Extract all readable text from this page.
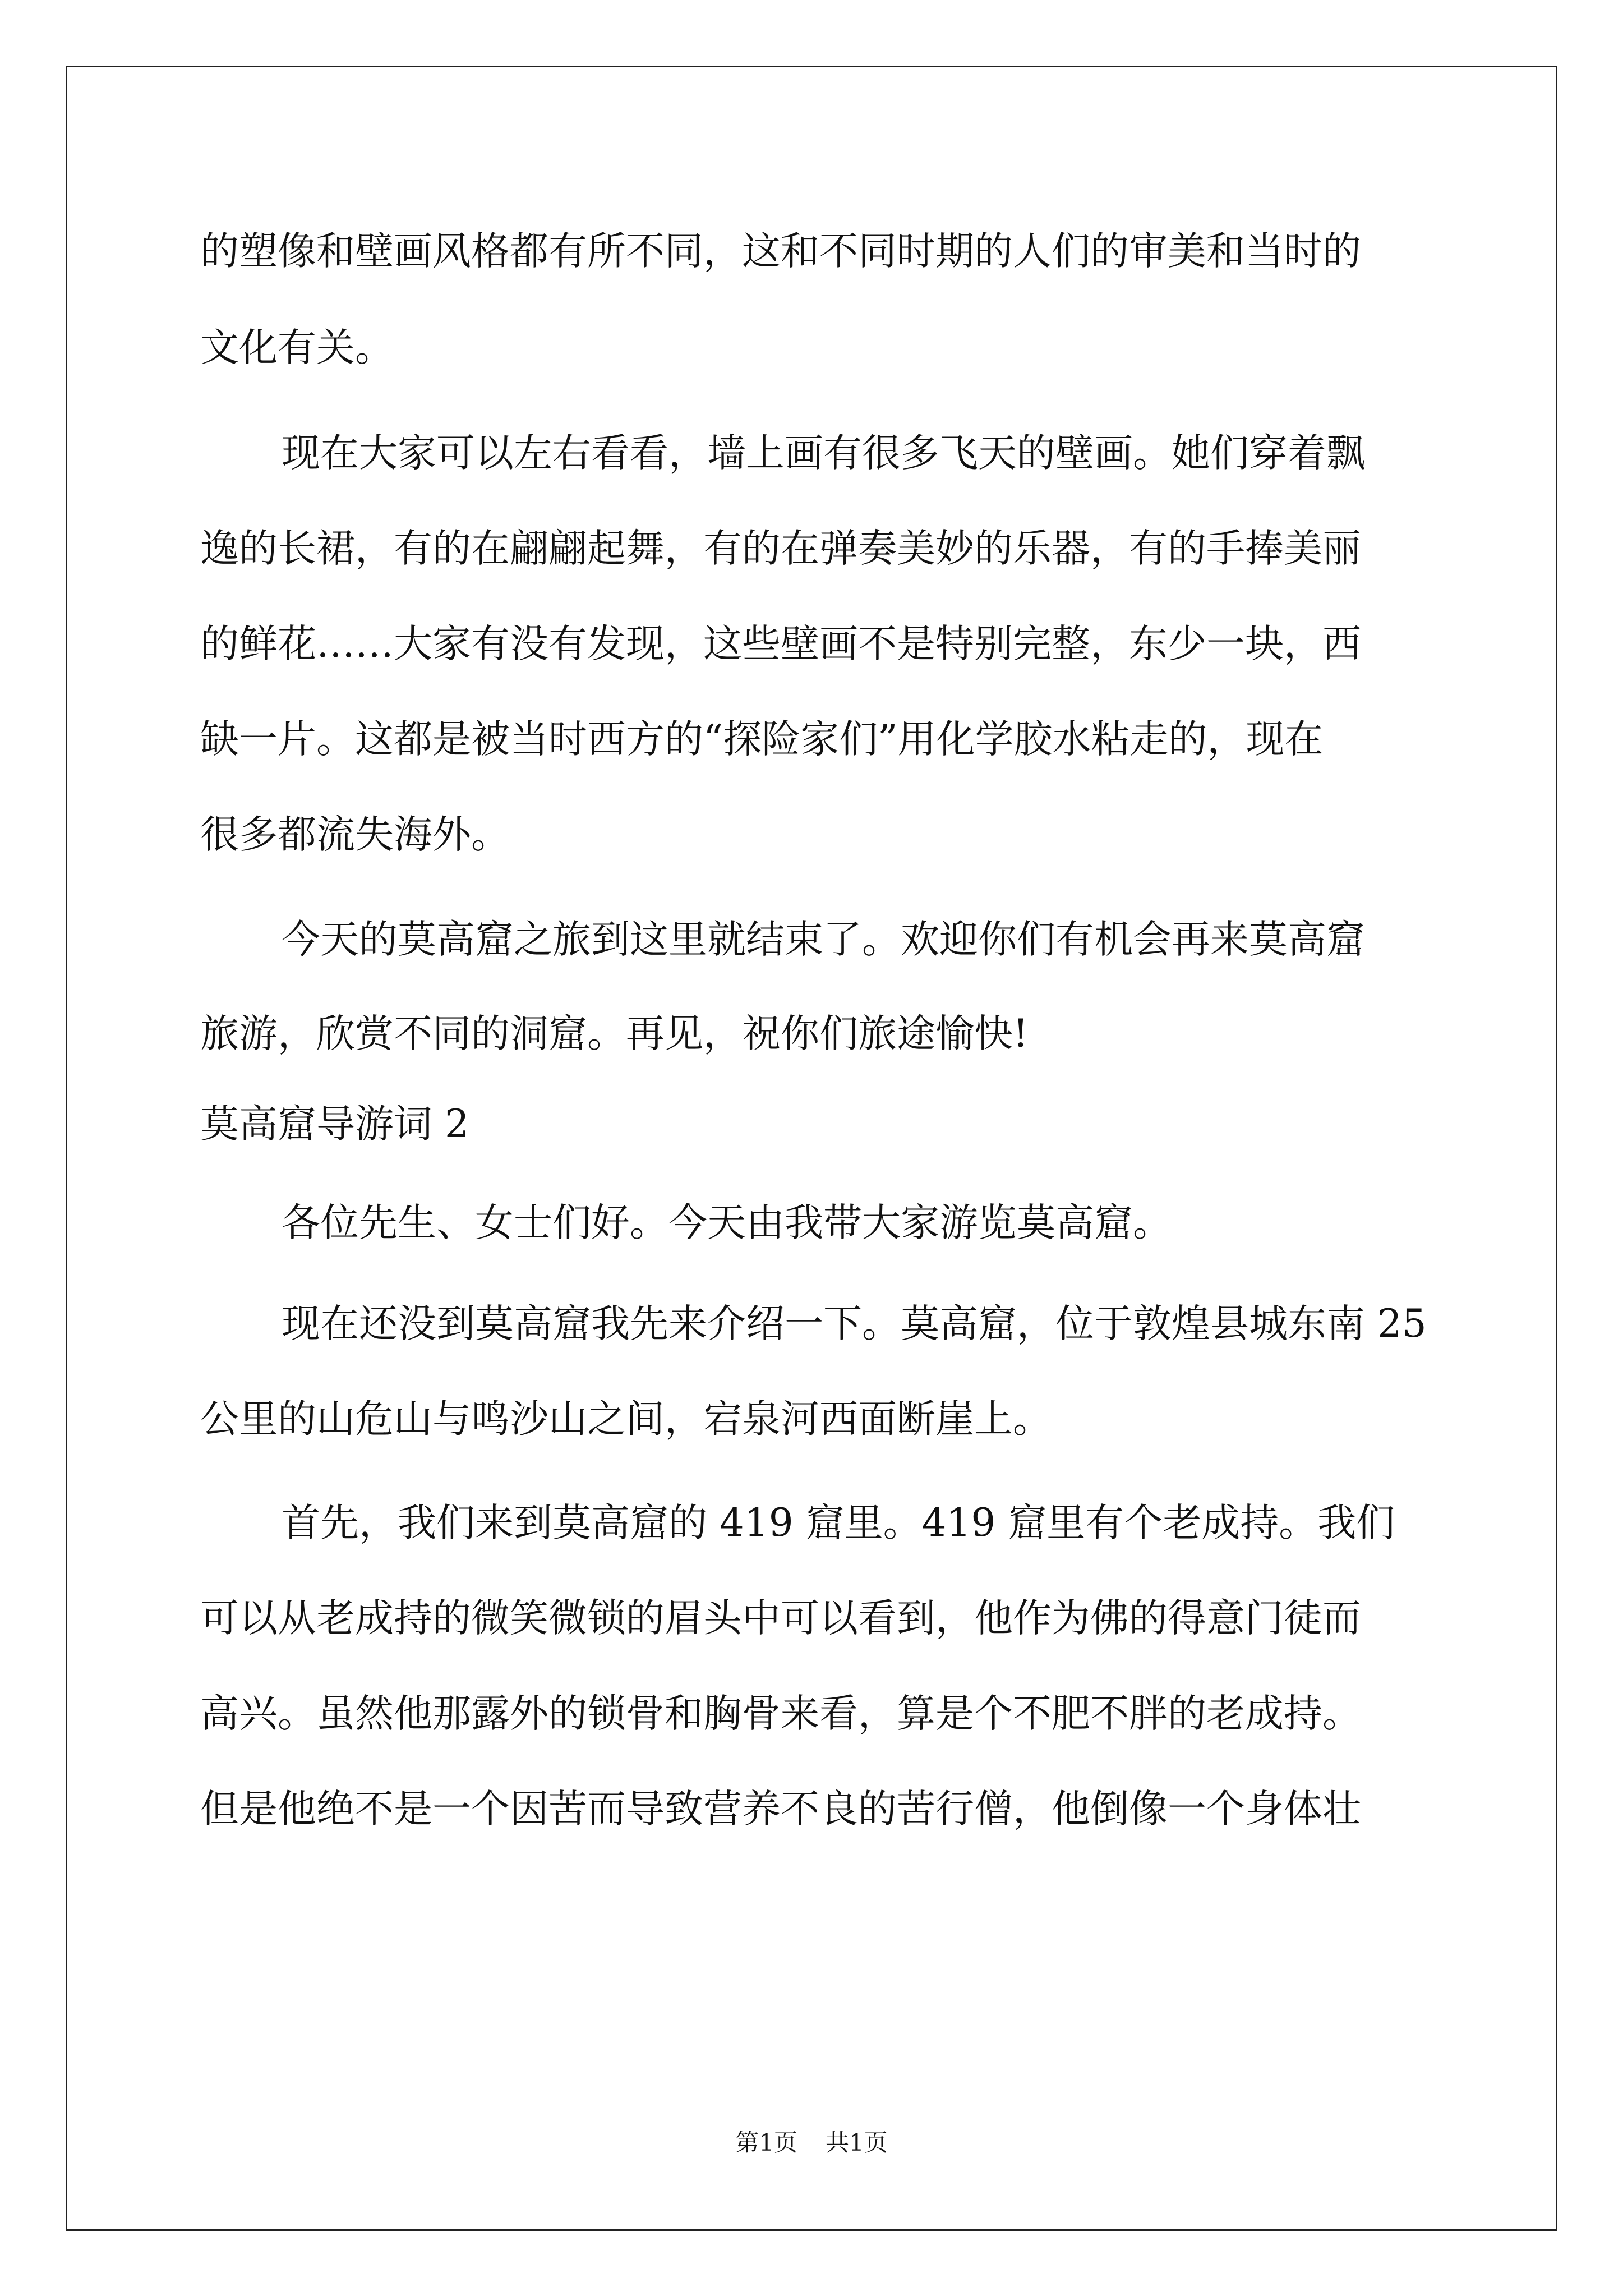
的塑像和壁画风格都有所不同，这和不同时期的人们的审美和当时的
文化有关。
现在大家可以左右看看，墙上画有很多飞天的壁画。她们穿着飘
逸的长裙，有的在翩翩起舞，有的在弹奏美妙的乐器，有的手捧美丽
的鲜花……大家有没有发现，这些壁画不是特别完整，东少一块，西
缺一片。这都是被当时西方的“探险家们”用化学胶水粘走的，现在
很多都流失海外。
今天的莫高窟之旅到这里就结束了。欢迎你们有机会再来莫高窟
旅游，欣赏不同的洞窟。再见，祝你们旅途愉快!
莫高窟导游词 2
各位先生、女士们好。今天由我带大家游览莫高窟。
现在还没到莫高窟我先来介绍一下。莫高窟，位于敦煌县城东南 25
公里的山危山与鸣沙山之间，宕泉河西面断崖上。
首先，我们来到莫高窟的 419 窟里。419 窟里有个老成持。我们
可以从老成持的微笑微锁的眉头中可以看到，他作为佛的得意门徒而
高兴。虽然他那露外的锁骨和胸骨来看，算是个不肥不胖的老成持。
但是他绝不是一个因苦而导致营养不良的苦行僧，他倒像一个身体壮
第1页 共1页
